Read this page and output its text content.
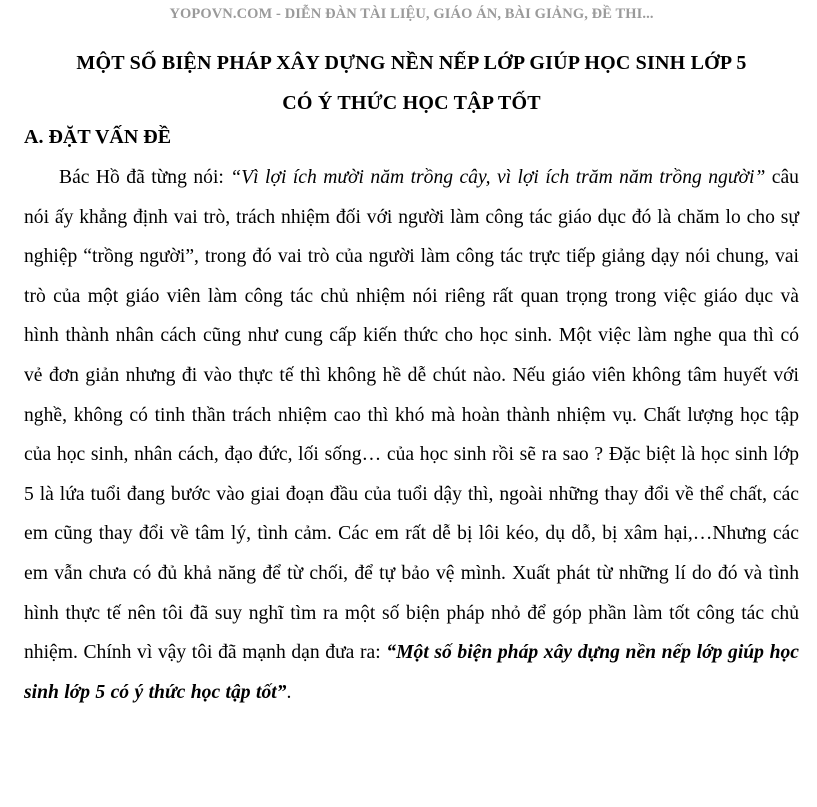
YOPOVN.COM - DIỄN ĐÀN TÀI LIỆU, GIÁO ÁN, BÀI GIẢNG, ĐỀ THI...
MỘT SỐ BIỆN PHÁP XÂY DỰNG NỀN NẾP LỚP GIÚP HỌC SINH LỚP 5
CÓ Ý THỨC HỌC TẬP TỐT
A. ĐẶT VẤN ĐỀ

Bác Hồ đã từng nói: “Vì lợi ích mười năm trồng cây, vì lợi ích trăm năm trồng người” câu nói ấy khẳng định vai trò, trách nhiệm đối với người làm công tác giáo dục đó là chăm lo cho sự nghiệp “trồng người”, trong đó vai trò của người làm công tác trực tiếp giảng dạy nói chung, vai trò của một giáo viên làm công tác chủ nhiệm nói riêng rất quan trọng trong việc giáo dục và hình thành nhân cách cũng như cung cấp kiến thức cho học sinh. Một việc làm nghe qua thì có vẻ đơn giản nhưng đi vào thực tế thì không hề dễ chút nào. Nếu giáo viên không tâm huyết với nghề, không có tinh thần trách nhiệm cao thì khó mà hoàn thành nhiệm vụ. Chất lượng học tập của học sinh, nhân cách, đạo đức, lối sống… của học sinh rồi sẽ ra sao ? Đặc biệt là học sinh lớp 5 là lứa tuổi đang bước vào giai đoạn đầu của tuổi dậy thì, ngoài những thay đổi về thể chất, các em cũng thay đổi về tâm lý, tình cảm. Các em rất dễ bị lôi kéo, dụ dỗ, bị xâm hại,…Nhưng các em vẫn chưa có đủ khả năng để từ chối, để tự bảo vệ mình. Xuất phát từ những lí do đó và tình hình thực tế nên tôi đã suy nghĩ tìm ra một số biện pháp nhỏ để góp phần làm tốt công tác chủ nhiệm. Chính vì vậy tôi đã mạnh dạn đưa ra: “Một số biện pháp xây dựng nền nếp lớp giúp học sinh lớp 5 có ý thức học tập tốt”.
